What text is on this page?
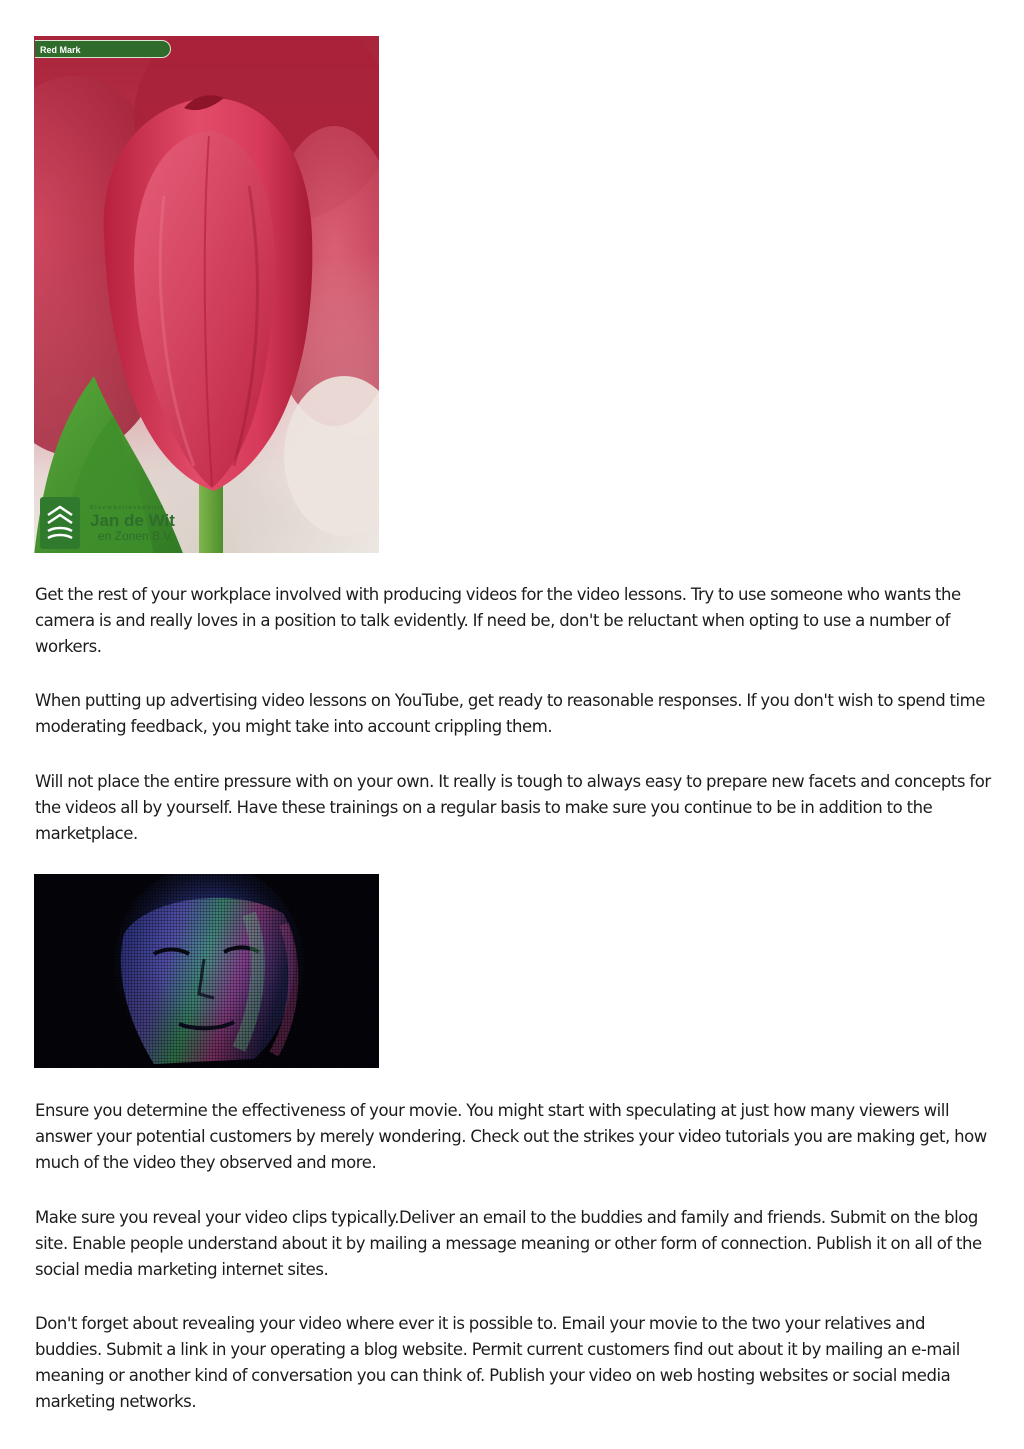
Red Mark
Bloembollenbedrijf
Jan de Wit
en Zonen B.V.

Get the rest of your workplace involved with producing videos for the video lessons. Try to use someone who wants the camera is and really loves in a position to talk evidently. If need be, don't be reluctant when opting to use a number of workers.

When putting up advertising video lessons on YouTube, get ready to reasonable responses. If you don't wish to spend time moderating feedback, you might take into account crippling them.

Will not place the entire pressure with on your own. It really is tough to always easy to prepare new facets and concepts for the videos all by yourself. Have these trainings on a regular basis to make sure you continue to be in addition to the marketplace.

Ensure you determine the effectiveness of your movie. You might start with speculating at just how many viewers will answer your potential customers by merely wondering. Check out the strikes your video tutorials you are making get, how much of the video they observed and more.

Make sure you reveal your video clips typically.Deliver an email to the buddies and family and friends. Submit on the blog site. Enable people understand about it by mailing a message meaning or other form of connection. Publish it on all of the social media marketing internet sites.

Don't forget about revealing your video where ever it is possible to. Email your movie to the two your relatives and buddies. Submit a link in your operating a blog website. Permit current customers find out about it by mailing an e-mail meaning or another kind of conversation you can think of. Publish your video on web hosting websites or social media marketing networks.
